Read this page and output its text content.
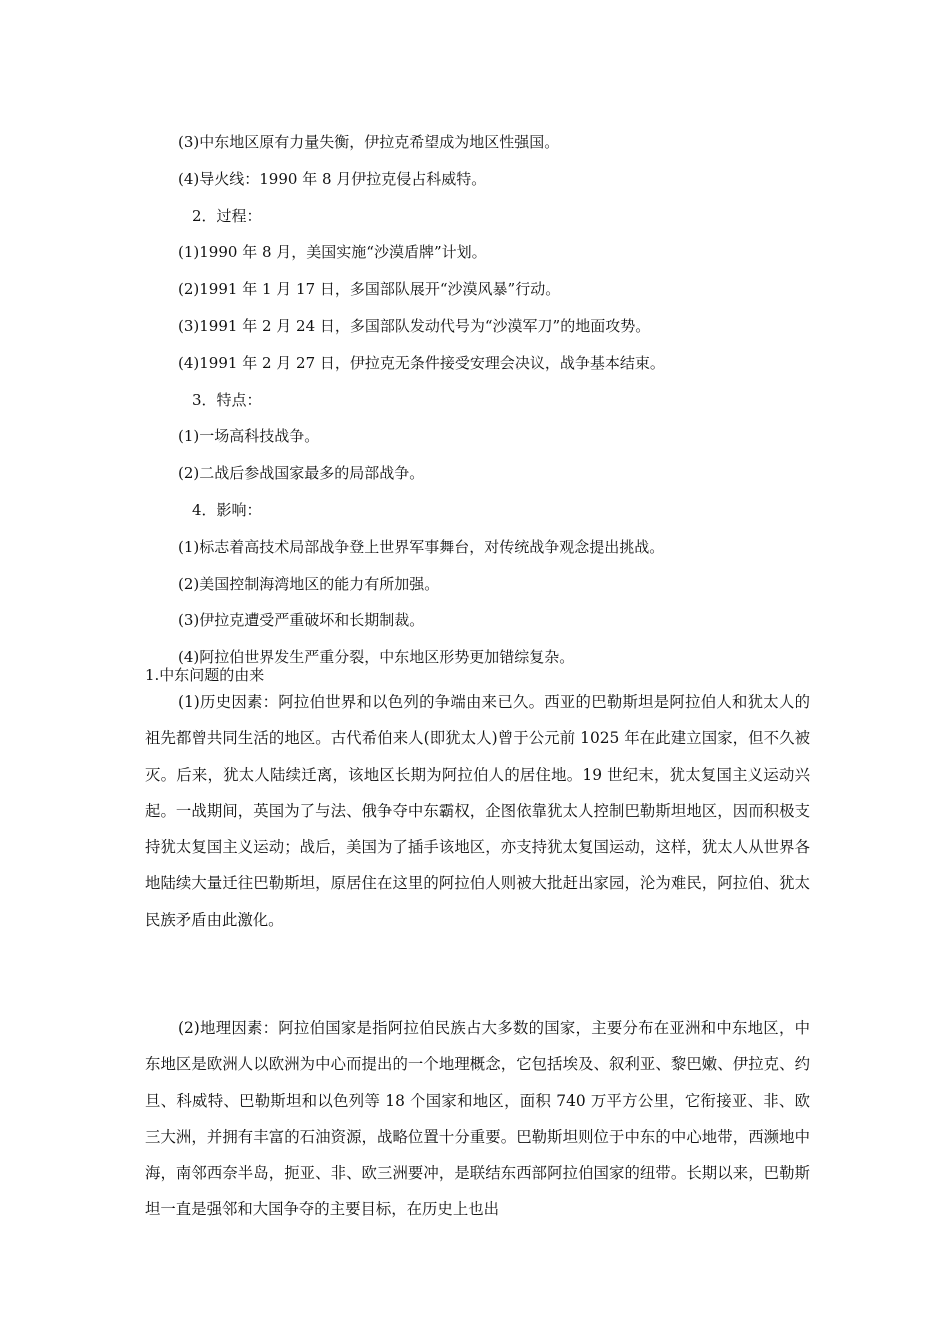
(3)中东地区原有力量失衡，伊拉克希望成为地区性强国。
(4)导火线：1990 年 8 月伊拉克侵占科威特。
2．过程：
(1)1990 年 8 月，美国实施“沙漠盾牌”计划。
(2)1991 年 1 月 17 日，多国部队展开“沙漠风暴”行动。
(3)1991 年 2 月 24 日，多国部队发动代号为“沙漠军刀”的地面攻势。
(4)1991 年 2 月 27 日，伊拉克无条件接受安理会决议，战争基本结束。
3．特点：
(1)一场高科技战争。
(2)二战后参战国家最多的局部战争。
4．影响：
(1)标志着高技术局部战争登上世界军事舞台，对传统战争观念提出挑战。
(2)美国控制海湾地区的能力有所加强。
(3)伊拉克遭受严重破坏和长期制裁。
(4)阿拉伯世界发生严重分裂，中东地区形势更加错综复杂。
1.中东问题的由来

(1)历史因素：阿拉伯世界和以色列的争端由来已久。西亚的巴勒斯坦是阿拉伯人和犹太人的祖先都曾共同生活的地区。古代希伯来人(即犹太人)曾于公元前 1025 年在此建立国家，但不久被灭。后来，犹太人陆续迁离，该地区长期为阿拉伯人的居住地。19 世纪末，犹太复国主义运动兴起。一战期间，英国为了与法、俄争夺中东霸权，企图依靠犹太人控制巴勒斯坦地区，因而积极支持犹太复国主义运动；战后，美国为了插手该地区，亦支持犹太复国运动，这样，犹太人从世界各地陆续大量迁往巴勒斯坦，原居住在这里的阿拉伯人则被大批赶出家园，沦为难民，阿拉伯、犹太民族矛盾由此激化。

(2)地理因素：阿拉伯国家是指阿拉伯民族占大多数的国家，主要分布在亚洲和中东地区，中东地区是欧洲人以欧洲为中心而提出的一个地理概念，它包括埃及、叙利亚、黎巴嫩、伊拉克、约旦、科威特、巴勒斯坦和以色列等 18 个国家和地区，面积 740 万平方公里，它衔接亚、非、欧三大洲，并拥有丰富的石油资源，战略位置十分重要。巴勒斯坦则位于中东的中心地带，西濒地中海，南邻西奈半岛，扼亚、非、欧三洲要冲，是联结东西部阿拉伯国家的纽带。长期以来，巴勒斯坦一直是强邻和大国争夺的主要目标，在历史上也出
